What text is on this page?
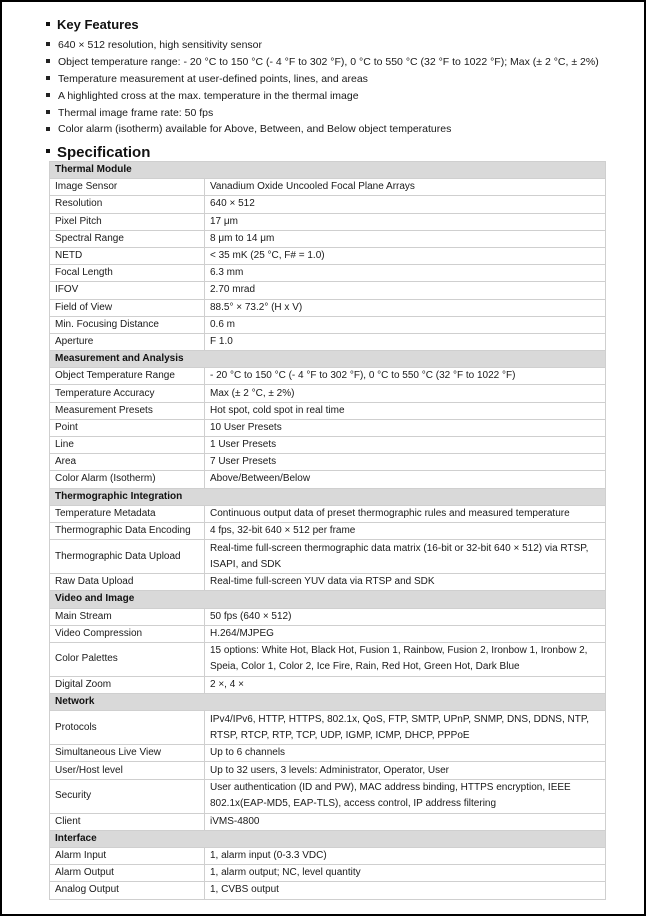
Key Features
640 × 512 resolution, high sensitivity sensor
Object temperature range: - 20 °C to 150 °C (- 4 °F to 302 °F), 0 °C to 550 °C (32 °F to 1022 °F); Max (± 2 °C, ± 2%)
Temperature measurement at user-defined points, lines, and areas
A highlighted cross at the max. temperature in the thermal image
Thermal image frame rate: 50 fps
Color alarm (isotherm) available for Above, Between, and Below object temperatures
Specification
Thermal Module	
Image Sensor	Vanadium Oxide Uncooled Focal Plane Arrays
Resolution	640 × 512
Pixel Pitch	17 μm
Spectral Range	8 μm to 14 μm
NETD	< 35 mK (25 °C, F# = 1.0)
Focal Length	6.3 mm
IFOV	2.70 mrad
Field of View	88.5° × 73.2° (H x V)
Min. Focusing Distance	0.6 m
Aperture	F 1.0
Measurement and Analysis	
Object Temperature Range	- 20 °C to 150 °C (- 4 °F to 302 °F), 0 °C to 550 °C (32 °F to 1022 °F)
Temperature Accuracy	Max (± 2 °C, ± 2%)
Measurement Presets	Hot spot, cold spot in real time
Point	10 User Presets
Line	1 User Presets
Area	7 User Presets
Color Alarm (Isotherm)	Above/Between/Below
Thermographic Integration	
Temperature Metadata	Continuous output data of preset thermographic rules and measured temperature
Thermographic Data Encoding	4 fps, 32-bit 640 × 512 per frame
Thermographic Data Upload	Real-time full-screen thermographic data matrix (16-bit or 32-bit 640 × 512) via RTSP, ISAPI, and SDK
Raw Data Upload	Real-time full-screen YUV data via RTSP and SDK
Video and Image	
Main Stream	50 fps (640 × 512)
Video Compression	H.264/MJPEG
Color Palettes	15 options: White Hot, Black Hot, Fusion 1, Rainbow, Fusion 2, Ironbow 1, Ironbow 2, Speia, Color 1, Color 2, Ice Fire, Rain, Red Hot, Green Hot, Dark Blue
Digital Zoom	2 ×, 4 ×
Network	
Protocols	IPv4/IPv6, HTTP, HTTPS, 802.1x, QoS, FTP, SMTP, UPnP, SNMP, DNS, DDNS, NTP, RTSP, RTCP, RTP, TCP, UDP, IGMP, ICMP, DHCP, PPPoE
Simultaneous Live View	Up to 6 channels
User/Host level	Up to 32 users, 3 levels: Administrator, Operator, User
Security	User authentication (ID and PW), MAC address binding, HTTPS encryption, IEEE 802.1x(EAP-MD5, EAP-TLS), access control, IP address filtering
Client	iVMS-4800
Interface	
Alarm Input	1, alarm input (0-3.3 VDC)
Alarm Output	1, alarm output; NC, level quantity
Analog Output	1, CVBS output
